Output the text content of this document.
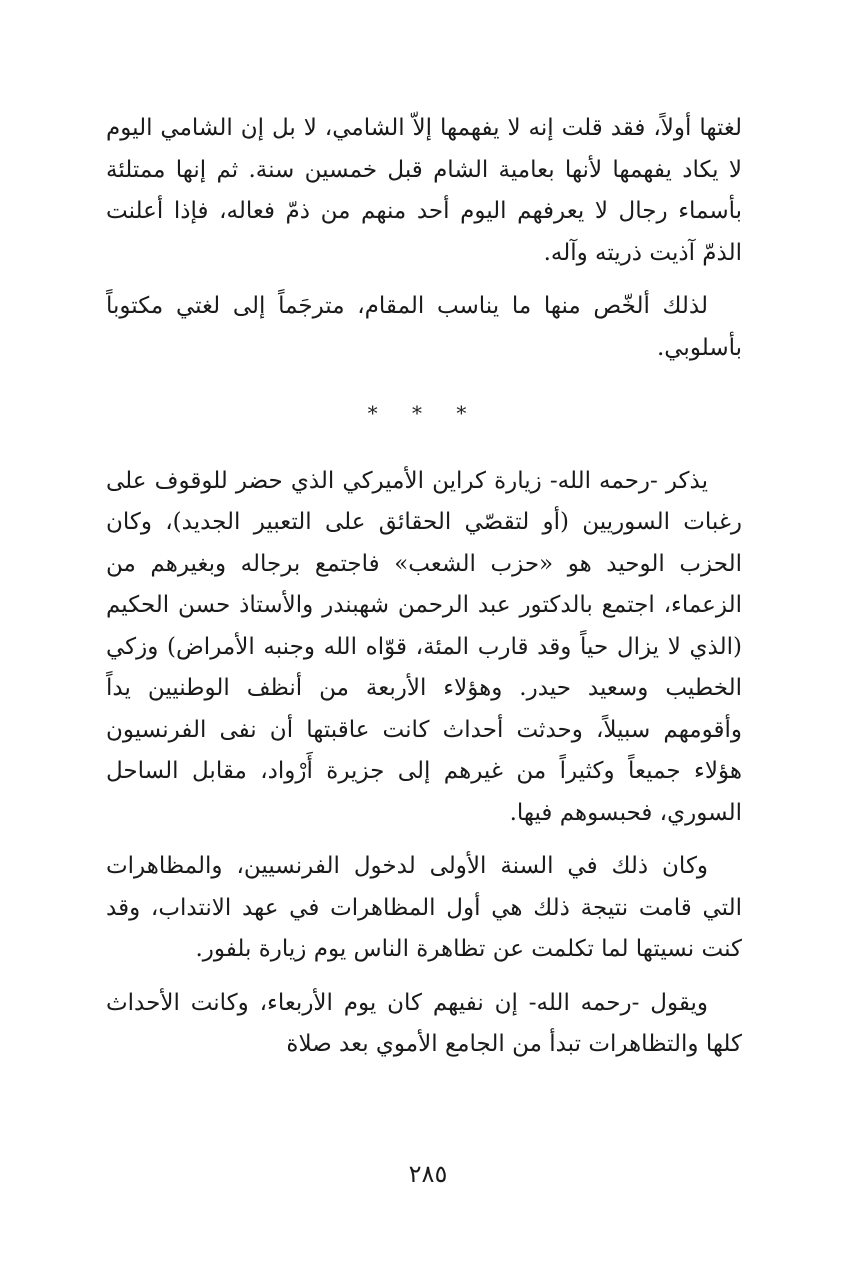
لغتها أولاً، فقد قلت إنه لا يفهمها إلاّ الشامي، لا بل إن الشامي اليوم لا يكاد يفهمها لأنها بعامية الشام قبل خمسين سنة. ثم إنها ممتلئة بأسماء رجال لا يعرفهم اليوم أحد منهم من ذمّ فعاله، فإذا أعلنت الذمّ آذيت ذريته وآله.

لذلك ألخّص منها ما يناسب المقام، مترجَماً إلى لغتي مكتوباً بأسلوبي.

* * *

يذكر -رحمه الله- زيارة كراين الأميركي الذي حضر للوقوف على رغبات السوريين (أو لتقصّي الحقائق على التعبير الجديد)، وكان الحزب الوحيد هو «حزب الشعب» فاجتمع برجاله وبغيرهم من الزعماء، اجتمع بالدكتور عبد الرحمن شهبندر والأستاذ حسن الحكيم (الذي لا يزال حياً وقد قارب المئة، قوّاه الله وجنبه الأمراض) وزكي الخطيب وسعيد حيدر. وهؤلاء الأربعة من أنظف الوطنيين يداً وأقومهم سبيلاً، وحدثت أحداث كانت عاقبتها أن نفى الفرنسيون هؤلاء جميعاً وكثيراً من غيرهم إلى جزيرة أَرْواد، مقابل الساحل السوري، فحبسوهم فيها.

وكان ذلك في السنة الأولى لدخول الفرنسيين، والمظاهرات التي قامت نتيجة ذلك هي أول المظاهرات في عهد الانتداب، وقد كنت نسيتها لما تكلمت عن تظاهرة الناس يوم زيارة بلفور.

ويقول -رحمه الله- إن نفيهم كان يوم الأربعاء، وكانت الأحداث كلها والتظاهرات تبدأ من الجامع الأموي بعد صلاة

٢٨٥
